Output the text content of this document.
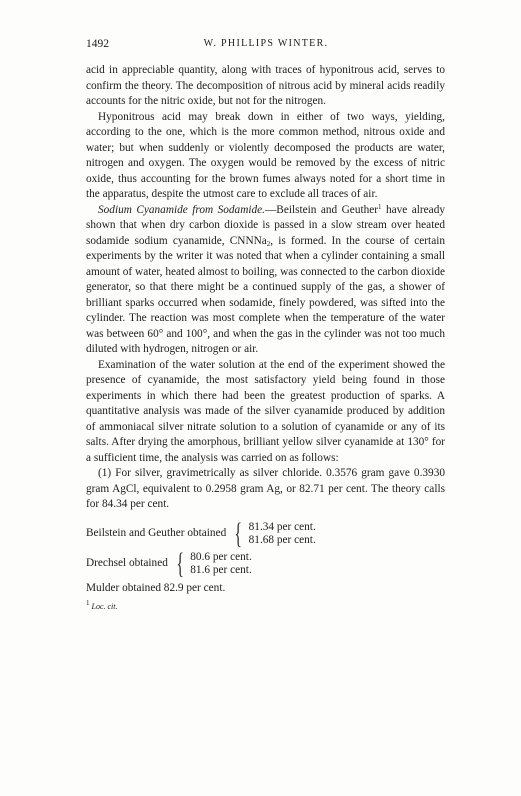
1492	W. PHILLIPS WINTER.

acid in appreciable quantity, along with traces of hyponitrous acid, serves to confirm the theory. The decomposition of nitrous acid by mineral acids readily accounts for the nitric oxide, but not for the nitrogen.

Hyponitrous acid may break down in either of two ways, yielding, according to the one, which is the more common method, nitrous oxide and water; but when suddenly or violently decomposed the products are water, nitrogen and oxygen. The oxygen would be removed by the excess of nitric oxide, thus accounting for the brown fumes always noted for a short time in the apparatus, despite the utmost care to exclude all traces of air.

Sodium Cyanamide from Sodamide.—Beilstein and Geuther$^1$ have already shown that when dry carbon dioxide is passed in a slow stream over heated sodamide sodium cyanamide, CNNNa$_2$, is formed. In the course of certain experiments by the writer it was noted that when a cylinder containing a small amount of water, heated almost to boiling, was connected to the carbon dioxide generator, so that there might be a continued supply of the gas, a shower of brilliant sparks occurred when sodamide, finely powdered, was sifted into the cylinder. The reaction was most complete when the temperature of the water was between 60° and 100°, and when the gas in the cylinder was not too much diluted with hydrogen, nitrogen or air.

Examination of the water solution at the end of the experiment showed the presence of cyanamide, the most satisfactory yield being found in those experiments in which there had been the greatest production of sparks. A quantitative analysis was made of the silver cyanamide produced by addition of ammoniacal silver nitrate solution to a solution of cyanamide or any of its salts. After drying the amorphous, brilliant yellow silver cyanamide at 130° for a sufficient time, the analysis was carried on as follows:

(1) For silver, gravimetrically as silver chloride. 0.3576 gram gave 0.3930 gram AgCl, equivalent to 0.2958 gram Ag, or 82.71 per cent. The theory calls for 84.34 per cent.

Beilstein and Geuther obtained { 81.34 per cent.
81.68 per cent.
Drechsel obtained { 80.6 per cent.
81.6 per cent.
Mulder obtained 82.9 per cent.
$^1$ Loc. cit.
